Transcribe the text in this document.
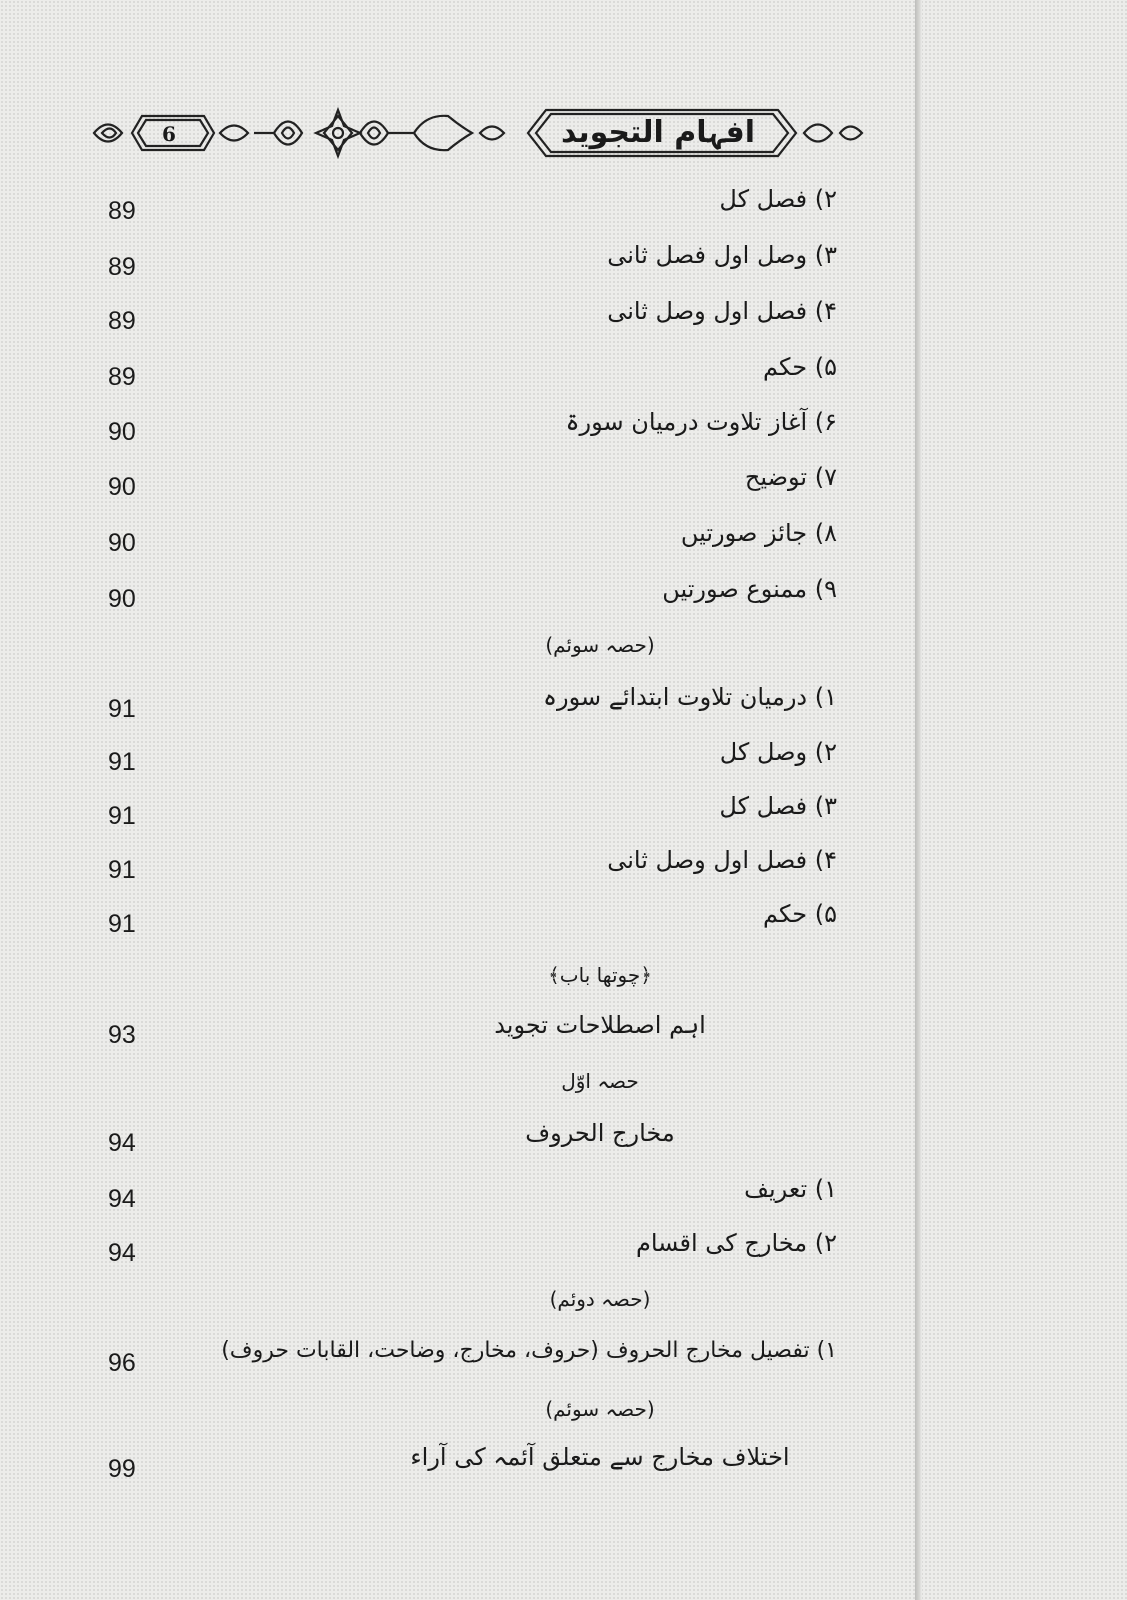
6	افہام التجوید
89	۲) فصل کل
89	۳) وصل اول فصل ثانی
89	۴) فصل اول وصل ثانی
89	۵) حکم
90	۶) آغاز تلاوت درمیان سورۃ
90	۷) توضیح
90	۸) جائز صورتیں
90	۹) ممنوع صورتیں
(حصہ سوئم)
91	۱) درمیان تلاوت ابتدائے سورہ
91	۲) وصل کل
91	۳) فصل کل
91	۴) فصل اول وصل ثانی
91	۵) حکم
﴿چوتھا باب﴾
93	اہم اصطلاحات تجوید
حصہ اوّل
94	مخارج الحروف
94	۱) تعریف
94	۲) مخارج کی اقسام
(حصہ دوئم)
96	۱) تفصیل مخارج الحروف (حروف، مخارج، وضاحت، القابات حروف)
(حصہ سوئم)
99	اختلاف مخارج سے متعلق آئمہ کی آراء
